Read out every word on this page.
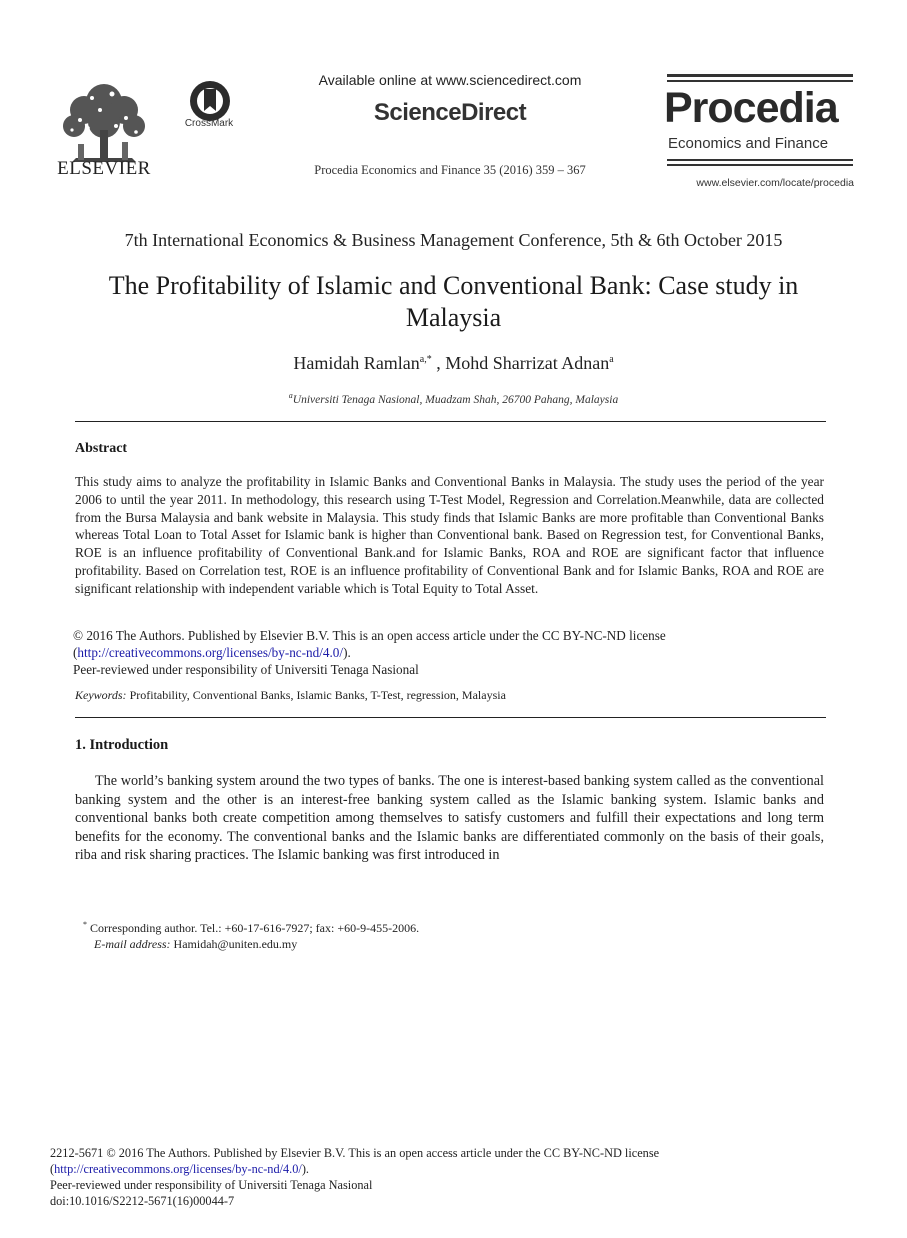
ELSEVIER
CrossMark
Available online at www.sciencedirect.com
ScienceDirect
Procedia Economics and Finance 35 (2016) 359 – 367
Procedia
Economics and Finance
www.elsevier.com/locate/procedia
7th International Economics & Business Management Conference, 5th & 6th October 2015
The Profitability of Islamic and Conventional Bank: Case study in Malaysia
Hamidah Ramlan$^{a,*}$ , Mohd Sharrizat Adnan$^a$
$^a$Universiti Tenaga Nasional, Muadzam Shah, 26700 Pahang, Malaysia
Abstract
This study aims to analyze the profitability in Islamic Banks and Conventional Banks in Malaysia. The study uses the period of the year 2006 to until the year 2011. In methodology, this research using T-Test Model, Regression and Correlation.Meanwhile, data are collected from the Bursa Malaysia and bank website in Malaysia. This study finds that Islamic Banks are more profitable than Conventional Banks whereas Total Loan to Total Asset for Islamic bank is higher than Conventional bank. Based on Regression test, for Conventional Banks, ROE is an influence profitability of Conventional Bank.and for Islamic Banks, ROA and ROE are significant factor that influence profitability. Based on Correlation test, ROE is an influence profitability of Conventional Bank and for Islamic Banks, ROA and ROE are significant relationship with independent variable which is Total Equity to Total Asset.
© 2016 The Authors. Published by Elsevier B.V. This is an open access article under the CC BY-NC-ND license
(http://creativecommons.org/licenses/by-nc-nd/4.0/).
Peer-reviewed under responsibility of Universiti Tenaga Nasional
Keywords: Profitability, Conventional Banks, Islamic Banks, T-Test, regression, Malaysia
1. Introduction
The world’s banking system around the two types of banks. The one is interest-based banking system called as the conventional banking system and the other is an interest-free banking system called as the Islamic banking system. Islamic banks and conventional banks both create competition among themselves to satisfy customers and fulfill their expectations and long term benefits for the economy. The conventional banks and the Islamic banks are differentiated commonly on the basis of their goals, riba and risk sharing practices. The Islamic banking was first introduced in
* Corresponding author. Tel.: +60-17-616-7927; fax: +60-9-455-2006.
E-mail address: Hamidah@uniten.edu.my
2212-5671 © 2016 The Authors. Published by Elsevier B.V. This is an open access article under the CC BY-NC-ND license
(http://creativecommons.org/licenses/by-nc-nd/4.0/).
Peer-reviewed under responsibility of Universiti Tenaga Nasional
doi:10.1016/S2212-5671(16)00044-7
